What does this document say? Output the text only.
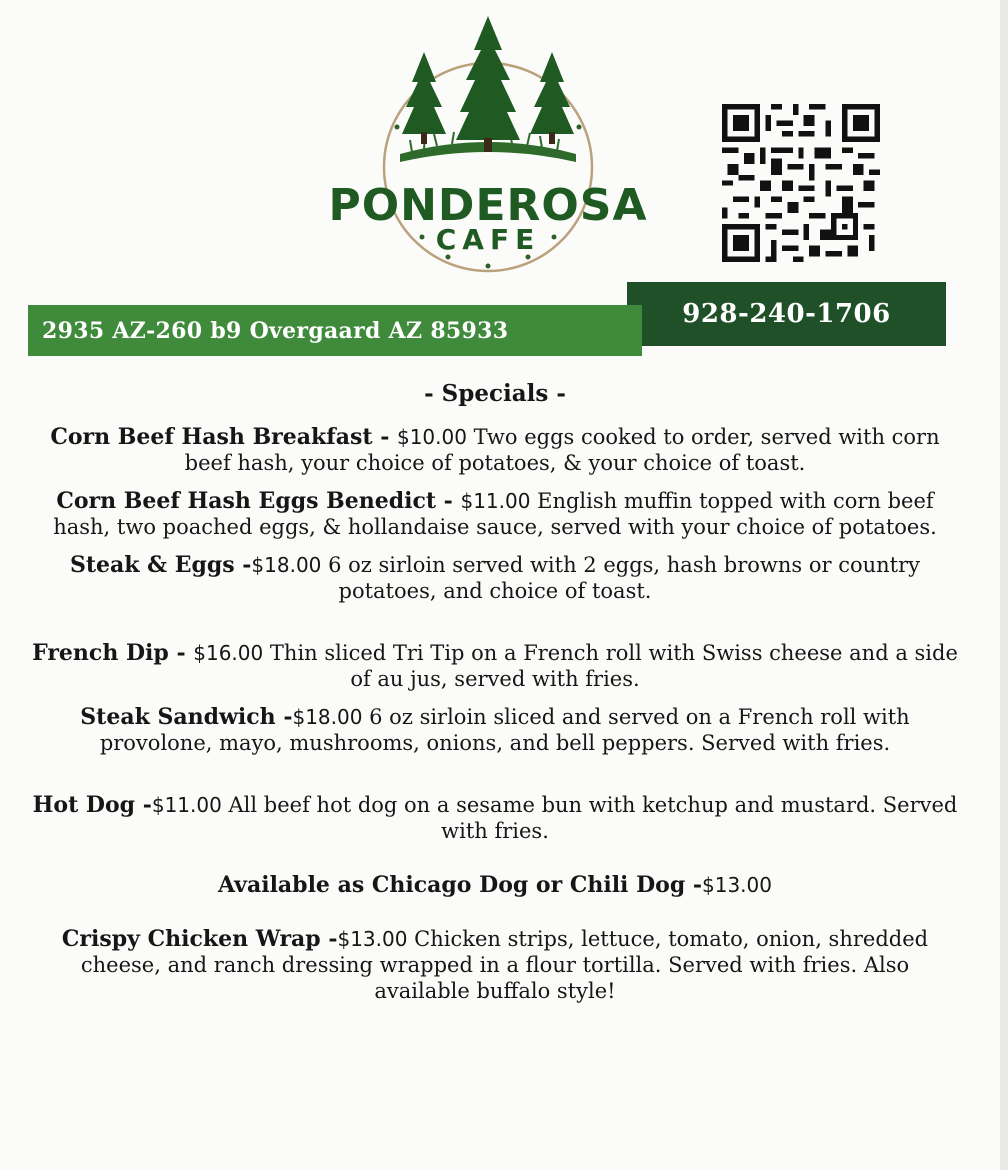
PONDEROSA
CAFE
928-240-1706
2935 AZ-260 b9 Overgaard AZ 85933

- Specials -

Corn Beef Hash Breakfast - $10.00 Two eggs cooked to order, served with corn beef hash, your choice of potatoes, & your choice of toast.

Corn Beef Hash Eggs Benedict - $11.00 English muffin topped with corn beef hash, two poached eggs, & hollandaise sauce, served with your choice of potatoes.

Steak & Eggs -$18.00 6 oz sirloin served with 2 eggs, hash browns or country potatoes, and choice of toast.

French Dip - $16.00 Thin sliced Tri Tip on a French roll with Swiss cheese and a side of au jus, served with fries.

Steak Sandwich -$18.00 6 oz sirloin sliced and served on a French roll with provolone, mayo, mushrooms, onions, and bell peppers. Served with fries.

Hot Dog -$11.00 All beef hot dog on a sesame bun with ketchup and mustard. Served with fries.

Available as Chicago Dog or Chili Dog -$13.00

Crispy Chicken Wrap -$13.00 Chicken strips, lettuce, tomato, onion, shredded cheese, and ranch dressing wrapped in a flour tortilla. Served with fries. Also available buffalo style!
